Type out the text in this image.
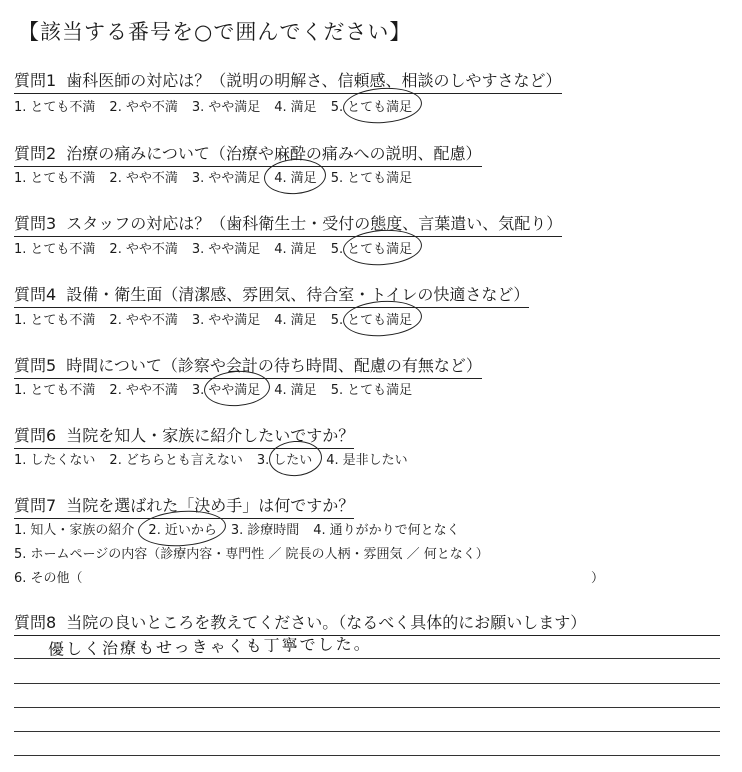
【該当する番号を○で囲んでください】
質問1 歯科医師の対応は？（説明の明解さ、信頼感、相談のしやすさなど）
1. とても不満 2. やや不満 3. やや満足 4. 満足 5. とても満足
質問2 治療の痛みについて（治療や麻酔の痛みへの説明、配慮）
1. とても不満 2. やや不満 3. やや満足 4. 満足 5. とても満足
質問3 スタッフの対応は？（歯科衛生士・受付の態度、言葉遣い、気配り）
1. とても不満 2. やや不満 3. やや満足 4. 満足 5. とても満足
質問4 設備・衛生面（清潔感、雰囲気、待合室・トイレの快適さなど）
1. とても不満 2. やや不満 3. やや満足 4. 満足 5. とても満足
質問5 時間について（診察や会計の待ち時間、配慮の有無など）
1. とても不満 2. やや不満 3. やや満足 4. 満足 5. とても満足
質問6 当院を知人・家族に紹介したいですか？
1. したくない 2. どちらとも言えない 3. したい 4. 是非したい
質問7 当院を選ばれた「決め手」は何ですか？
1. 知人・家族の紹介 2. 近いから 3. 診療時間 4. 通りがかりで何となく
5. ホームページの内容（診療内容・専門性 ／ 院長の人柄・雰囲気 ／ 何となく）
6. その他（	）
質問8 当院の良いところを教えてください。（なるべく具体的にお願いします）
優しく治療もせっきゃくも丁寧でした。
